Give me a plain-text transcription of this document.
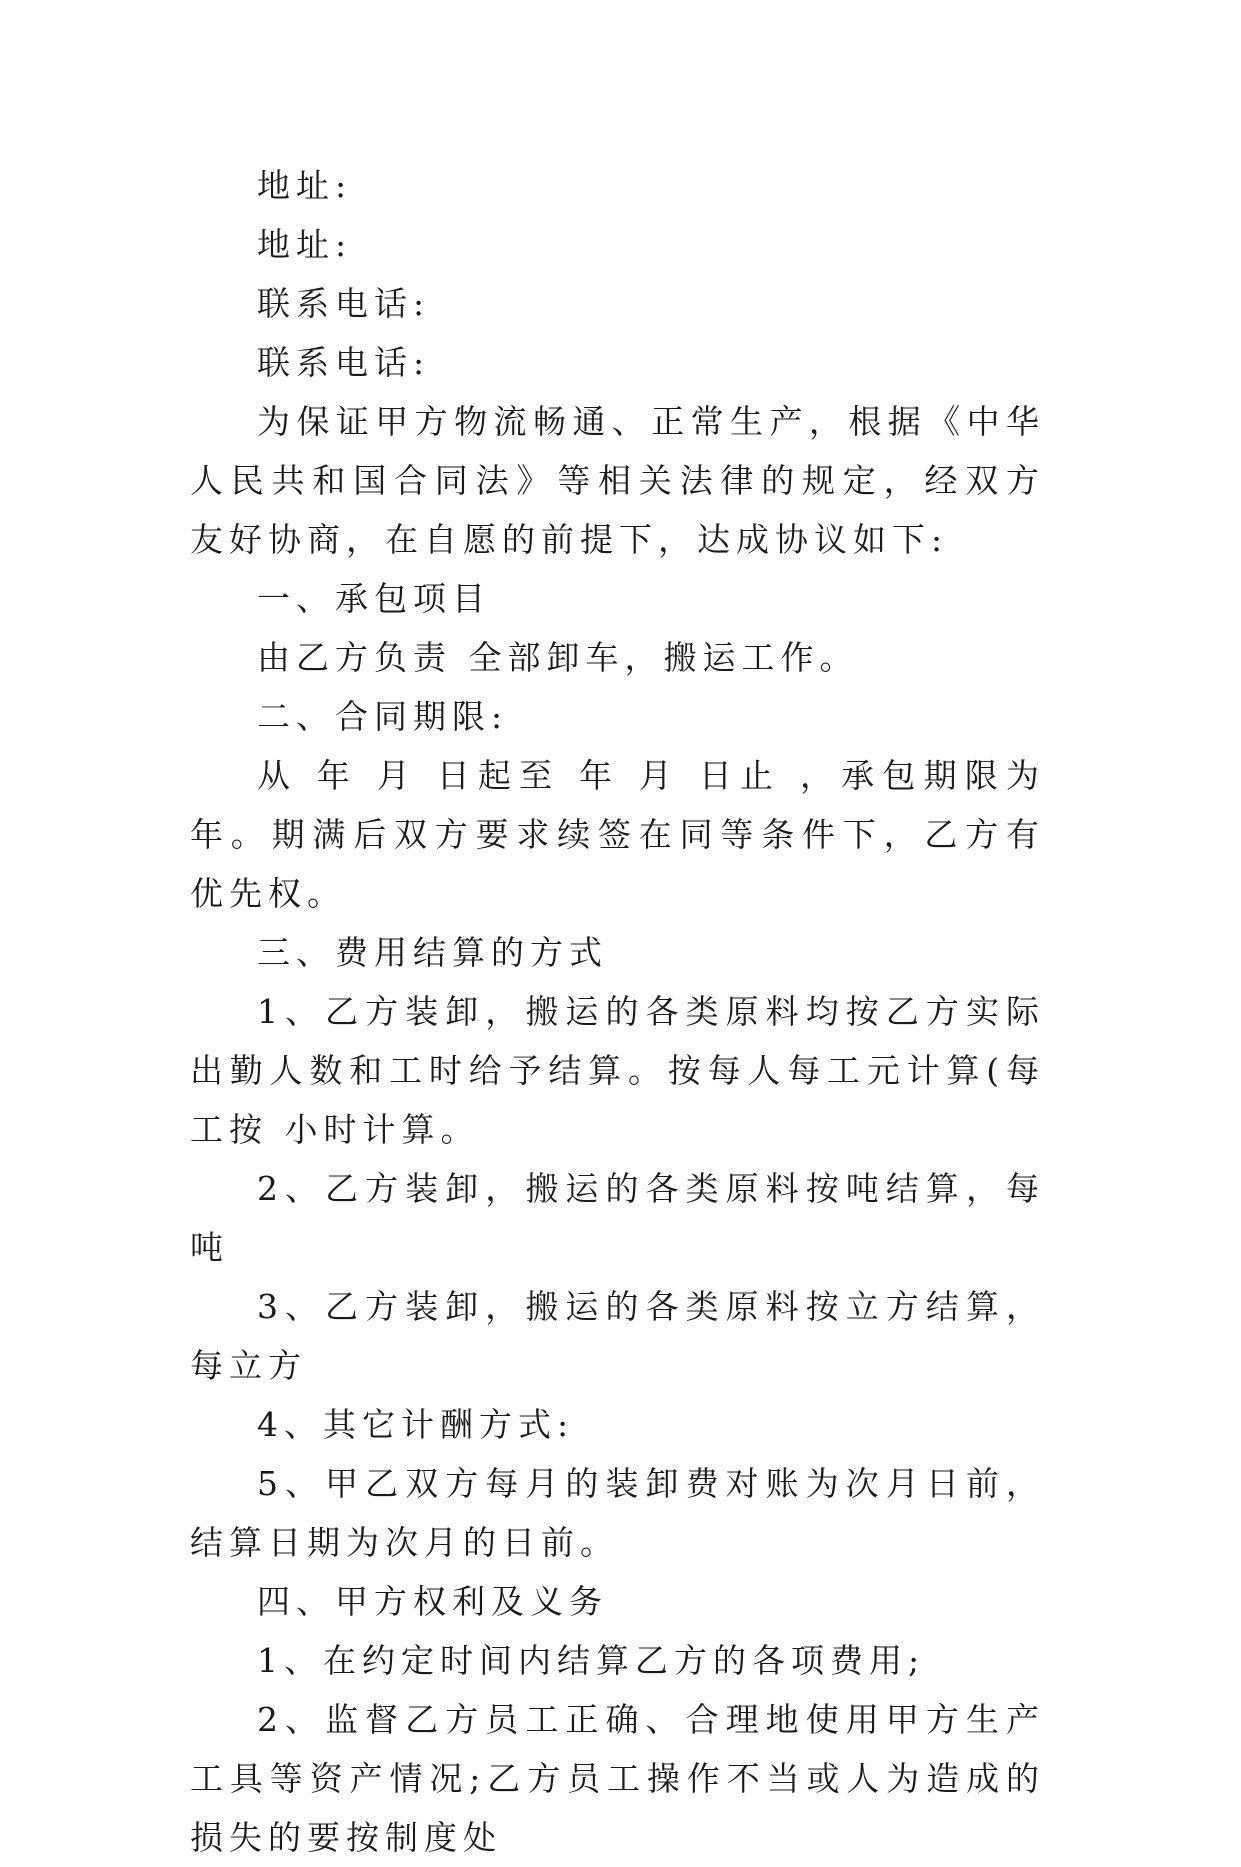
地址:

地址:

联系电话:

联系电话:

为保证甲方物流畅通、正常生产，根据《中华人民共和国合同法》等相关法律的规定，经双方友好协商，在自愿的前提下，达成协议如下:

一、承包项目

由乙方负责 全部卸车，搬运工作。

二、合同期限:

从 年 月 日起至 年 月 日止 ，承包期限为 年。期满后双方要求续签在同等条件下，乙方有优先权。

三、费用结算的方式

1、乙方装卸，搬运的各类原料均按乙方实际出勤人数和工时给予结算。按每人每工元计算(每工按 小时计算。

2、乙方装卸，搬运的各类原料按吨结算，每吨

3、乙方装卸，搬运的各类原料按立方结算，每立方

4、其它计酬方式:

5、甲乙双方每月的装卸费对账为次月日前，结算日期为次月的日前。

四、甲方权利及义务

1、在约定时间内结算乙方的各项费用;

2、监督乙方员工正确、合理地使用甲方生产工具等资产情况;乙方员工操作不当或人为造成的损失的要按制度处
